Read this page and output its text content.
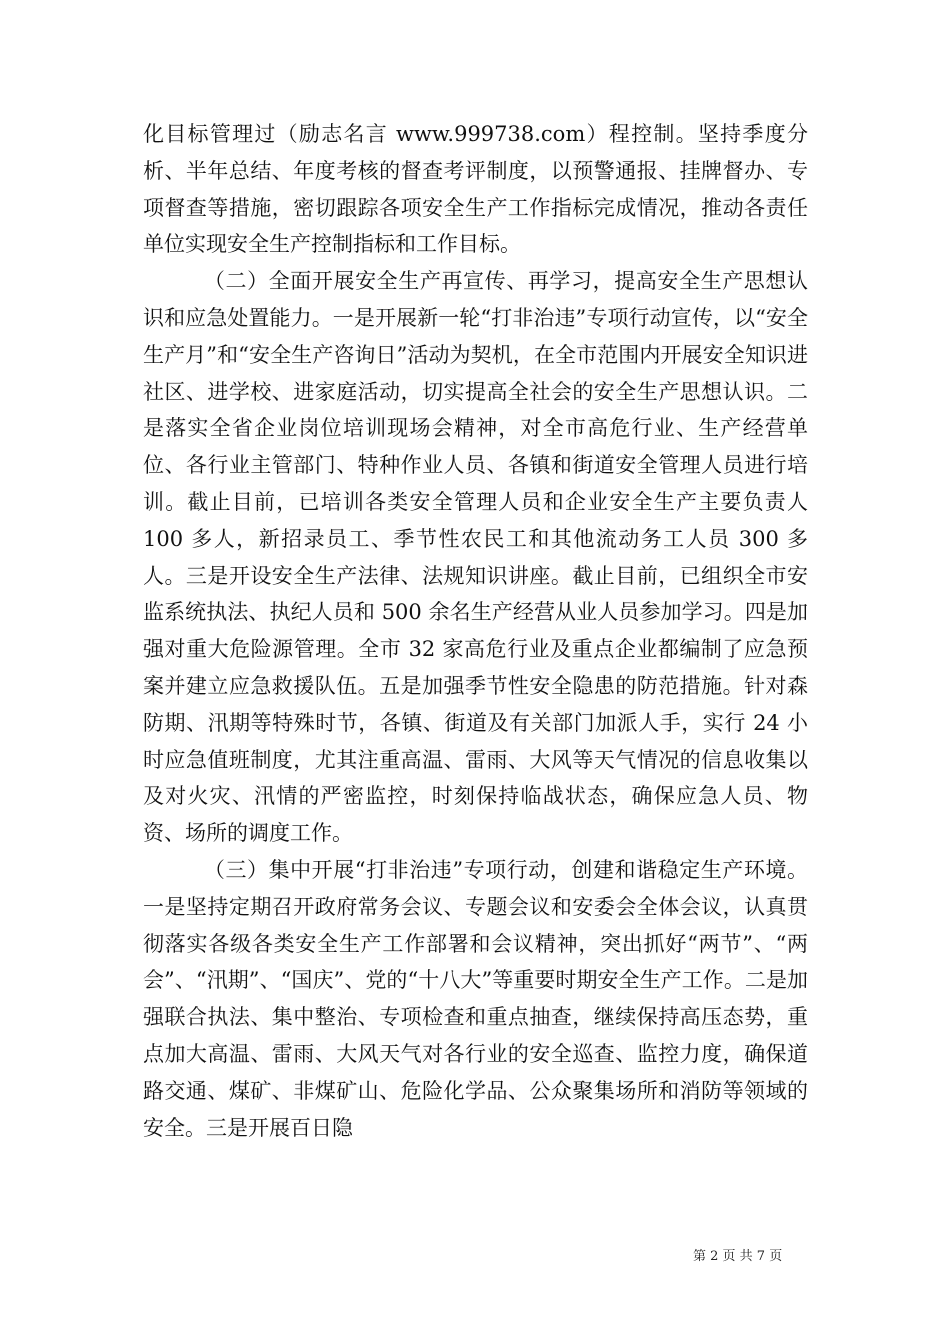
化目标管理过（励志名言 www.999738.com）程控制。坚持季度分析、半年总结、年度考核的督查考评制度，以预警通报、挂牌督办、专项督查等措施，密切跟踪各项安全生产工作指标完成情况，推动各责任单位实现安全生产控制指标和工作目标。

（二）全面开展安全生产再宣传、再学习，提高安全生产思想认识和应急处置能力。一是开展新一轮“打非治违”专项行动宣传，以“安全生产月”和“安全生产咨询日”活动为契机，在全市范围内开展安全知识进社区、进学校、进家庭活动，切实提高全社会的安全生产思想认识。二是落实全省企业岗位培训现场会精神，对全市高危行业、生产经营单位、各行业主管部门、特种作业人员、各镇和街道安全管理人员进行培训。截止目前，已培训各类安全管理人员和企业安全生产主要负责人 100 多人，新招录员工、季节性农民工和其他流动务工人员 300 多人。三是开设安全生产法律、法规知识讲座。截止目前，已组织全市安监系统执法、执纪人员和 500 余名生产经营从业人员参加学习。四是加强对重大危险源管理。全市 32 家高危行业及重点企业都编制了应急预案并建立应急救援队伍。五是加强季节性安全隐患的防范措施。针对森防期、汛期等特殊时节，各镇、街道及有关部门加派人手，实行 24 小时应急值班制度，尤其注重高温、雷雨、大风等天气情况的信息收集以及对火灾、汛情的严密监控，时刻保持临战状态，确保应急人员、物资、场所的调度工作。

（三）集中开展“打非治违”专项行动，创建和谐稳定生产环境。一是坚持定期召开政府常务会议、专题会议和安委会全体会议，认真贯彻落实各级各类安全生产工作部署和会议精神，突出抓好“两节”、“两会”、“汛期”、“国庆”、党的“十八大”等重要时期安全生产工作。二是加强联合执法、集中整治、专项检查和重点抽查，继续保持高压态势，重点加大高温、雷雨、大风天气对各行业的安全巡查、监控力度，确保道路交通、煤矿、非煤矿山、危险化学品、公众聚集场所和消防等领域的安全。三是开展百日隐

第 2 页 共 7 页
